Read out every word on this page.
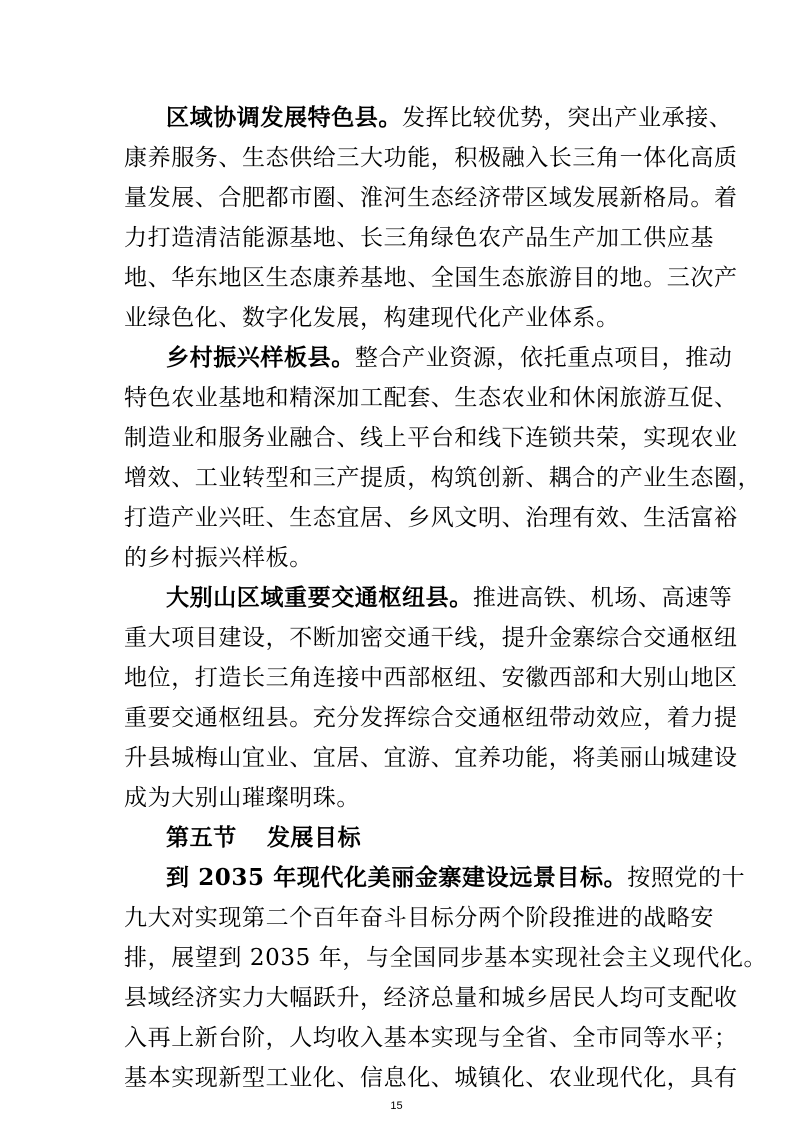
区域协调发展特色县。发挥比较优势，突出产业承接、
康养服务、生态供给三大功能，积极融入长三角一体化高质
量发展、合肥都市圈、淮河生态经济带区域发展新格局。着
力打造清洁能源基地、长三角绿色农产品生产加工供应基
地、华东地区生态康养基地、全国生态旅游目的地。三次产
业绿色化、数字化发展，构建现代化产业体系。
乡村振兴样板县。整合产业资源，依托重点项目，推动
特色农业基地和精深加工配套、生态农业和休闲旅游互促、
制造业和服务业融合、线上平台和线下连锁共荣，实现农业
增效、工业转型和三产提质，构筑创新、耦合的产业生态圈，
打造产业兴旺、生态宜居、乡风文明、治理有效、生活富裕
的乡村振兴样板。
大别山区域重要交通枢纽县。推进高铁、机场、高速等
重大项目建设，不断加密交通干线，提升金寨综合交通枢纽
地位，打造长三角连接中西部枢纽、安徽西部和大别山地区
重要交通枢纽县。充分发挥综合交通枢纽带动效应，着力提
升县城梅山宜业、宜居、宜游、宜养功能，将美丽山城建设
成为大别山璀璨明珠。
第五节 发展目标
到 2035 年现代化美丽金寨建设远景目标。按照党的十
九大对实现第二个百年奋斗目标分两个阶段推进的战略安
排，展望到 2035 年，与全国同步基本实现社会主义现代化。
县域经济实力大幅跃升，经济总量和城乡居民人均可支配收
入再上新台阶，人均收入基本实现与全省、全市同等水平；
基本实现新型工业化、信息化、城镇化、农业现代化，具有
15
